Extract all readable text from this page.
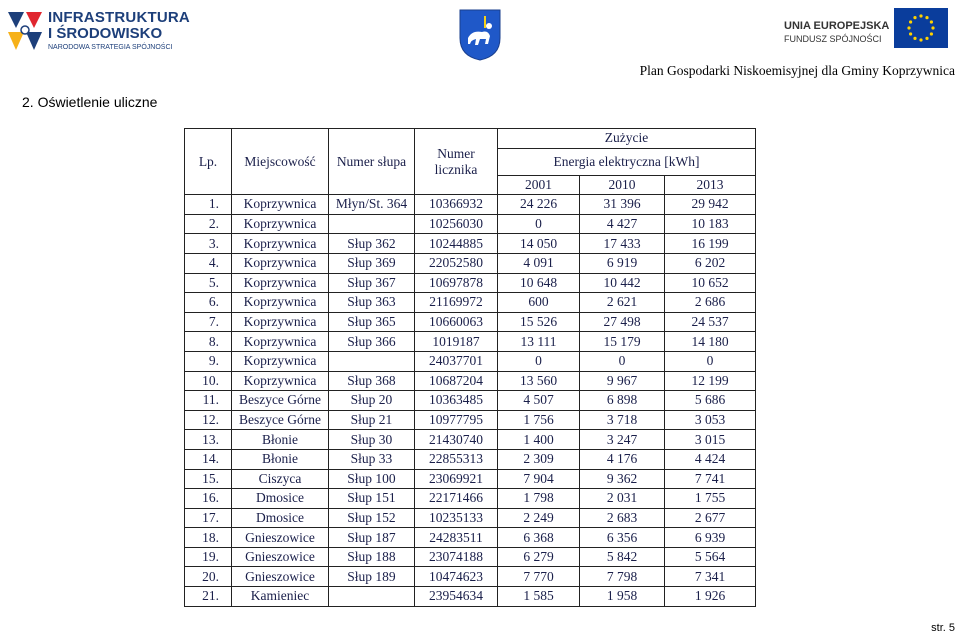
INFRASTRUKTURA
I ŚRODOWISKO
NARODOWA STRATEGIA SPÓJNOŚCI
UNIA EUROPEJSKA
FUNDUSZ SPÓJNOŚCI
Plan Gospodarki Niskoemisyjnej dla Gminy Koprzywnica
2. Oświetlenie uliczne
Lp.	Miejscowość	Numer słupa	Numer licznika	Zużycie		
				Energia elektryczna [kWh]		
				2001	2010	2013
1.	Koprzywnica	Młyn/St. 364	10366932	24 226	31 396	29 942
2.	Koprzywnica		10256030	0	4 427	10 183
3.	Koprzywnica	Słup 362	10244885	14 050	17 433	16 199
4.	Koprzywnica	Słup 369	22052580	4 091	6 919	6 202
5.	Koprzywnica	Słup 367	10697878	10 648	10 442	10 652
6.	Koprzywnica	Słup 363	21169972	600	2 621	2 686
7.	Koprzywnica	Słup 365	10660063	15 526	27 498	24 537
8.	Koprzywnica	Słup 366	1019187	13 111	15 179	14 180
9.	Koprzywnica		24037701	0	0	0
10.	Koprzywnica	Słup 368	10687204	13 560	9 967	12 199
11.	Beszyce Górne	Słup 20	10363485	4 507	6 898	5 686
12.	Beszyce Górne	Słup 21	10977795	1 756	3 718	3 053
13.	Błonie	Słup 30	21430740	1 400	3 247	3 015
14.	Błonie	Słup 33	22855313	2 309	4 176	4 424
15.	Ciszyca	Słup 100	23069921	7 904	9 362	7 741
16.	Dmosice	Słup 151	22171466	1 798	2 031	1 755
17.	Dmosice	Słup 152	10235133	2 249	2 683	2 677
18.	Gnieszowice	Słup 187	24283511	6 368	6 356	6 939
19.	Gnieszowice	Słup 188	23074188	6 279	5 842	5 564
20.	Gnieszowice	Słup 189	10474623	7 770	7 798	7 341
21.	Kamieniec		23954634	1 585	1 958	1 926
str. 5
